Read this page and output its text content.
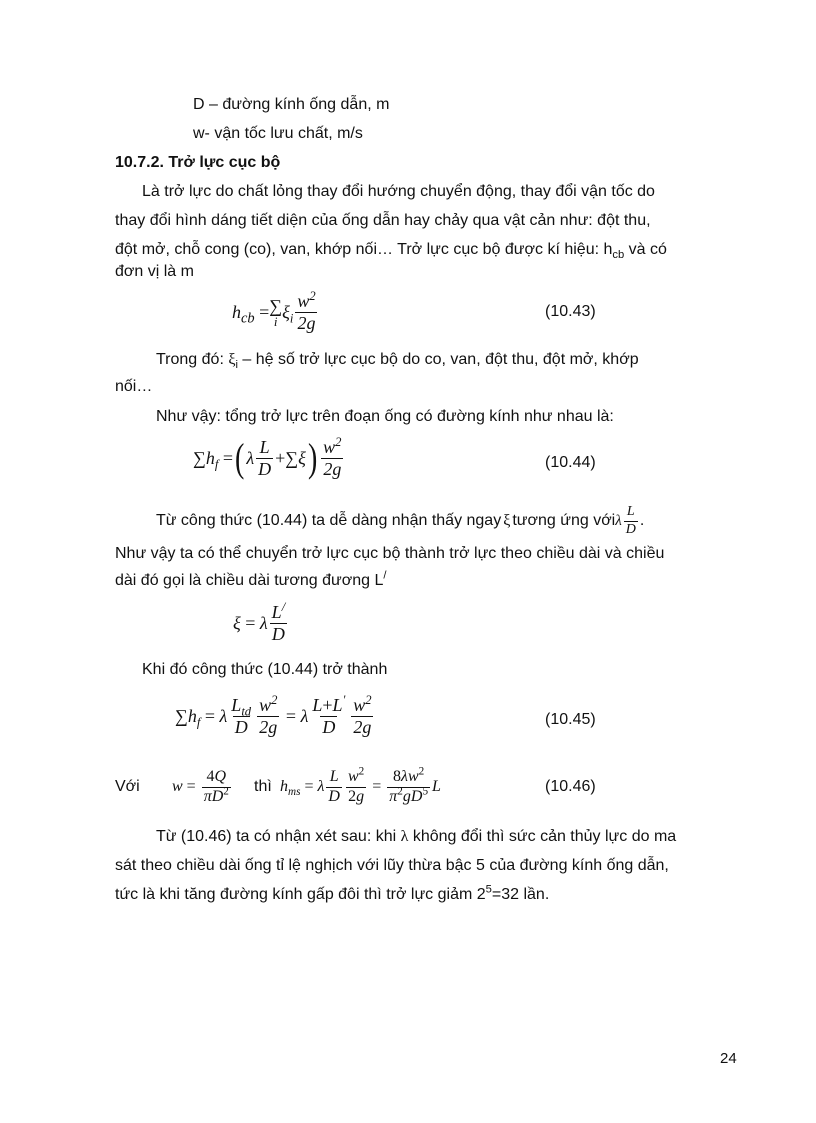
D – đường kính ống dẫn, m
w- vận tốc lưu chất, m/s
10.7.2. Trở lực cục bộ
Là trở lực do chất lỏng thay đổi hướng chuyển động, thay đổi vận tốc do
thay đổi hình dáng tiết diện của ống dẫn hay chảy qua vật cản như: đột thu,
đột mở, chỗ cong (co), van, khớp nối… Trở lực cục bộ được kí hiệu: $h_{cb}$ và có
đơn vị là m
$h_{cb}$ = ∑
i $\xi_i \frac{w^2}{2g}$	(10.43)
Trong đó: $\xi_i$ – hệ số trở lực cục bộ do co, van, đột thu, đột mở, khớp
nối…
Như vậy: tổng trở lực trên đoạn ống có đường kính như nhau là:
∑ $h_f$ = ( λ $\frac{L}{D}$ +∑ ξ ) $\frac{w^2}{2g}$	(10.44)
Từ công thức (10.44) ta dễ dàng nhận thấy ngay ξ tương ứng với λ $\frac{L}{D}$ .
Như vậy ta có thể chuyển trở lực cục bộ thành trở lực theo chiều dài và chiều
dài đó gọi là chiều dài tương đương L/
ξ = λ $\frac{L^/}{D}$
Khi đó công thức (10.44) trở thành
∑ $h_f = \lambda \frac{L_{td}}{D} \frac{w^2}{2g} = \lambda \frac{L+L'}{D} \frac{w^2}{2g}$	(10.45)
Với $w = \frac{4Q}{\pi D^2}$ thì $h_{ms} = \lambda \frac{L}{D} \frac{w^2}{2g} = \frac{8\lambda w^2}{\pi^2gD^5}$ L	(10.46)
Từ (10.46) ta có nhận xét sau: khi λ không đổi thì sức cản thủy lực do ma
sát theo chiều dài ống tỉ lệ nghịch với lũy thừa bậc 5 của đường kính ống dẫn,
tức là khi tăng đường kính gấp đôi thì trở lực giảm $2^5=32$ lần.
24
